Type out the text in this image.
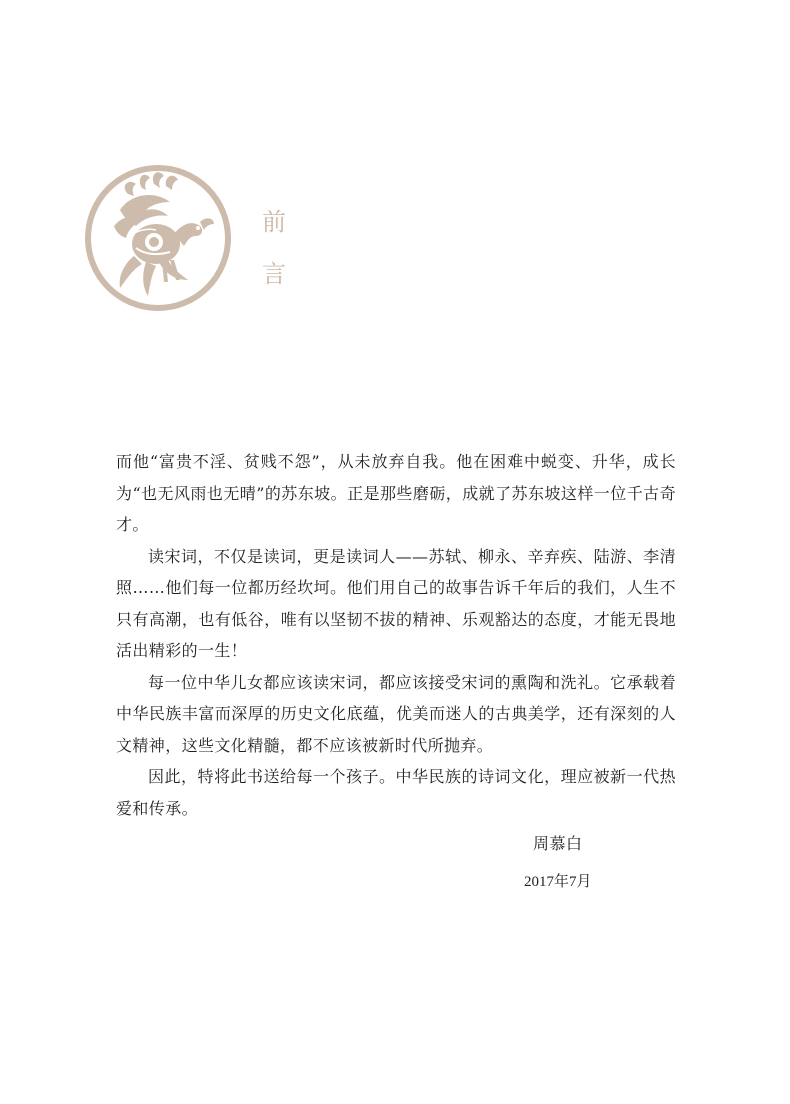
前
言

而他“富贵不淫、贫贱不怨”，从未放弃自我。他在困难中蜕变、升华，成长为“也无风雨也无晴”的苏东坡。正是那些磨砺，成就了苏东坡这样一位千古奇才。

读宋词，不仅是读词，更是读词人——苏轼、柳永、辛弃疾、陆游、李清照……他们每一位都历经坎坷。他们用自己的故事告诉千年后的我们，人生不只有高潮，也有低谷，唯有以坚韧不拔的精神、乐观豁达的态度，才能无畏地活出精彩的一生！

每一位中华儿女都应该读宋词，都应该接受宋词的熏陶和洗礼。它承载着中华民族丰富而深厚的历史文化底蕴，优美而迷人的古典美学，还有深刻的人文精神，这些文化精髓，都不应该被新时代所抛弃。

因此，特将此书送给每一个孩子。中华民族的诗词文化，理应被新一代热爱和传承。

周慕白
2017年7月
